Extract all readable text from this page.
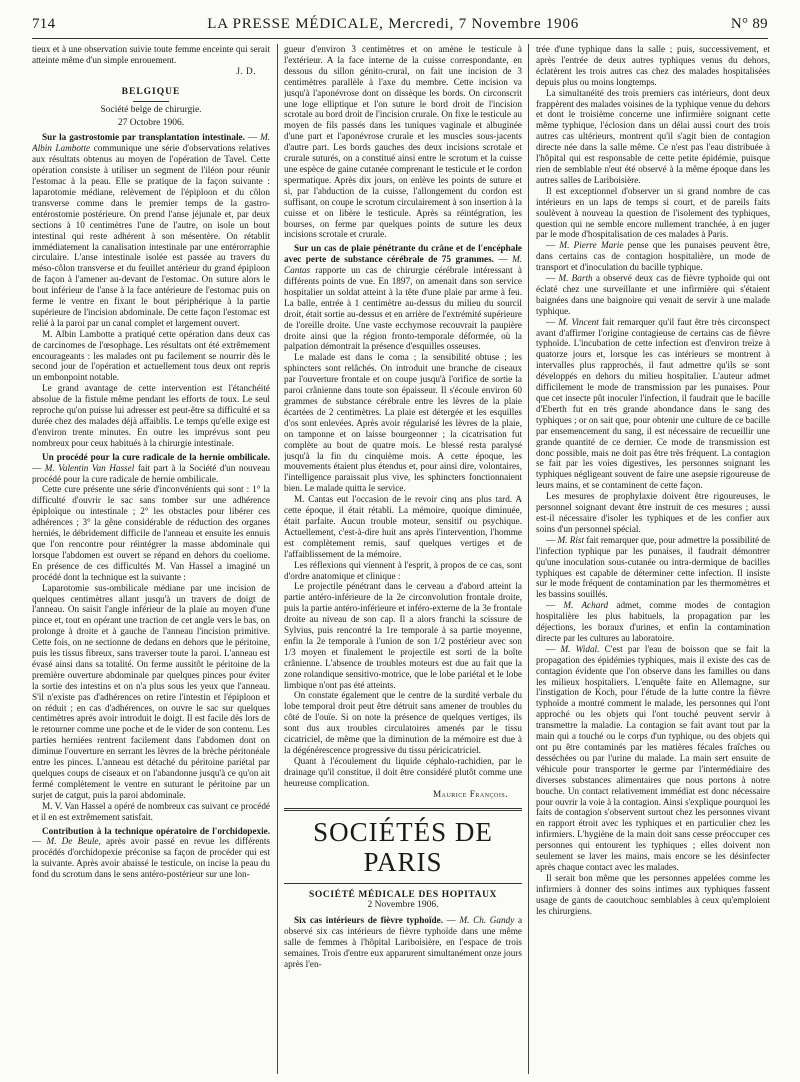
714	LA PRESSE MÉDICALE, Mercredi, 7 Novembre 1906	N° 89

tieux et à une observation suivie toute femme enceinte qui serait atteinte même d'un simple enrouement.

J. D.
BELGIQUE
Société belge de chirurgie.
27 Octobre 1906.

Sur la gastrostomie par transplantation intestinale. — M. Albin Lambotte communique une série d'observations relatives aux résultats obtenus au moyen de l'opération de Tavel. Cette opération consiste à utiliser un segment de l'iléon pour réunir l'estomac à la peau. Elle se pratique de la façon suivante : laparotomie médiane, relèvement de l'épiploon et du côlon transverse comme dans le premier temps de la gastro-entérostomie postérieure. On prend l'anse jéjunale et, par deux sections à 10 centimètres l'une de l'autre, on isole un bout intestinal qui reste adhérent à son mésentère. On rétablit immédiatement la canalisation intestinale par une entérorraphie circulaire. L'anse intestinale isolée est passée au travers du méso-côlon transverse et du feuillet antérieur du grand épiploon de façon à l'amener au-devant de l'estomac. On suture alors le bout inférieur de l'anse à la face antérieure de l'estomac puis on ferme le ventre en fixant le bout périphérique à la partie supérieure de l'incision abdominale. De cette façon l'estomac est relié à la paroi par un canal complet et largement ouvert.

M. Albin Lambotte a pratiqué cette opération dans deux cas de carcinomes de l'œsophage. Les résultats ont été extrêmement encourageants : les malades ont pu facilement se nourrir dès le second jour de l'opération et actuellement tous deux ont repris un embonpoint notable.

Le grand avantage de cette intervention est l'étanchéité absolue de la fistule même pendant les efforts de toux. Le seul reproche qu'on puisse lui adresser est peut-être sa difficulté et sa durée chez des malades déjà affaiblis. Le temps qu'elle exige est d'environ trente minutes. En outre les imprévus sont peu nombreux pour ceux habitués à la chirurgie intestinale.

Un procédé pour la cure radicale de la hernie ombilicale. — M. Valentin Van Hassel fait part à la Société d'un nouveau procédé pour la cure radicale de hernie ombilicale.

Cette cure présente une série d'inconvénients qui sont : 1° la difficulté d'ouvrir le sac sans tomber sur une adhérence épiploïque ou intestinale ; 2° les obstacles pour libérer ces adhérences ; 3° la gêne considérable de réduction des organes herniés, le débridement difficile de l'anneau et ensuite les ennuis que l'on rencontre pour réintégrer la masse abdominale qui lorsque l'abdomen est ouvert se répand en dehors du coeliome. En présence de ces difficultés M. Van Hassel a imaginé un procédé dont la technique est la suivante :

Laparotomie sus-ombilicale médiane par une incision de quelques centimètres allant jusqu'à un travers de doigt de l'anneau. On saisit l'angle inférieur de la plaie au moyen d'une pince et, tout en opérant une traction de cet angle vers le bas, on prolonge à droite et à gauche de l'anneau l'incision primitive. Cette fois, on ne sectionne de dedans en dehors que le péritoine, puis les tissus fibreux, sans traverser toute la paroi. L'anneau est évasé ainsi dans sa totalité. On ferme aussitôt le péritoine de la première ouverture abdominale par quelques pinces pour éviter la sortie des intestins et on n'a plus sous les yeux que l'anneau. S'il n'existe pas d'adhérences on retire l'intestin et l'épiploon et on réduit ; en cas d'adhérences, on ouvre le sac sur quelques centimètres après avoir introduit le doigt. Il est facile dès lors de le retourner comme une poche et de le vider de son contenu. Les parties herniées rentrent facilement dans l'abdomen dont on diminue l'ouverture en serrant les lèvres de la brèche péritonéale entre les pinces. L'anneau est détaché du péritoine pariétal par quelques coups de ciseaux et on l'abandonne jusqu'à ce qu'on ait fermé complètement le ventre en suturant le péritoine par un surjet de catgut, puis la paroi abdominale.

M. V. Van Hassel a opéré de nombreux cas suivant ce procédé et il en est extrêmement satisfait.

Contribution à la technique opératoire de l'orchidopexie. — M. De Beule, après avoir passé en revue les différents procédés d'orchidopexie préconise sa façon de procéder qui est la suivante. Après avoir abaissé le testicule, on incise la peau du fond du scrotum dans le sens antéro-postérieur sur une lon-

gueur d'environ 3 centimètres et on amène le testicule à l'extérieur. A la face interne de la cuisse correspondante, en dessous du sillon génito-crural, on fait une incision de 3 centimètres parallèle à l'axe du membre. Cette incision va jusqu'à l'aponévrose dont on dissèque les bords. On circonscrit une loge elliptique et l'on suture le bord droit de l'incision scrotale au bord droit de l'incision crurale. On fixe le testicule au moyen de fils passés dans les tuniques vaginale et albuginée d'une part et l'aponévrose crurale et les muscles sous-jacents d'autre part. Les bords gauches des deux incisions scrotale et crurale suturés, on a constitué ainsi entre le scrotum et la cuisse une espèce de gaine cutanée comprenant le testicule et le cordon spermatique. Après dix jours, on enlève les points de suture et si, par l'abduction de la cuisse, l'allongement du cordon est suffisant, on coupe le scrotum circulairement à son insertion à la cuisse et on libère le testicule. Après sa réintégration, les bourses, on ferme par quelques points de suture les deux incisions scrotale et crurale.

Sur un cas de plaie pénétrante du crâne et de l'encéphale avec perte de substance cérébrale de 75 grammes. — M. Cantas rapporte un cas de chirurgie cérébrale intéressant à différents points de vue. En 1897, on amenait dans son service hospitalier un soldat atteint à la tête d'une plaie par arme à feu. La balle, entrée à 1 centimètre au-dessus du milieu du sourcil droit, était sortie au-dessus et en arrière de l'extrémité supérieure de l'oreille droite. Une vaste ecchymose recouvrait la paupière droite ainsi que la région fronto-temporale déformée, où la palpation démontrait la présence d'esquilles osseuses.

Le malade est dans le coma ; la sensibilité obtuse ; les sphincters sont relâchés. On introduit une branche de ciseaux par l'ouverture frontale et on coupe jusqu'à l'orifice de sortie la paroi crânienne dans toute son épaisseur. Il s'écoule environ 60 grammes de substance cérébrale entre les lèvres de la plaie écartées de 2 centimètres. La plaie est détergée et les esquilles d'os sont enlevées. Après avoir régularisé les lèvres de la plaie, on tamponne et on laisse bourgeonner ; la cicatrisation fut complète au bout de quatre mois. Le blessé resta paralysé jusqu'à la fin du cinquième mois. A cette époque, les mouvements étaient plus étendus et, pour ainsi dire, volontaires, l'intelligence paraissait plus vive, les sphincters fonctionnaient bien. Le malade quitta le service.

M. Cantas eut l'occasion de le revoir cinq ans plus tard. A cette époque, il était rétabli. La mémoire, quoique diminuée, était parfaite. Aucun trouble moteur, sensitif ou psychique. Actuellement, c'est-à-dire huit ans après l'intervention, l'homme est complètement remis, sauf quelques vertiges et de l'affaiblissement de la mémoire.

Les réflexions qui viennent à l'esprit, à propos de ce cas, sont d'ordre anatomique et clinique :

Le projectile pénétrant dans le cerveau a d'abord atteint la partie antéro-inférieure de la 2e circonvolution frontale droite, puis la partie antéro-inférieure et inféro-externe de la 3e frontale droite au niveau de son cap. Il a alors franchi la scissure de Sylvius, puis rencontré la 1re temporale à sa partie moyenne, enfin la 2e temporale à l'union de son 1/2 postérieur avec son 1/3 moyen et finalement le projectile est sorti de la boîte crânienne. L'absence de troubles moteurs est due au fait que la zone rolandique sensitivo-motrice, que le lobe pariétal et le lobe limbique n'ont pas été atteints.

On constate également que le centre de la surdité verbale du lobe temporal droit peut être détruit sans amener de troubles du côté de l'ouïe. Si on note la présence de quelques vertiges, ils sont dus aux troubles circulatoires amenés par le tissu cicatriciel, de même que la diminution de la mémoire est due à la dégénérescence progressive du tissu péricicatriciel.

Quant à l'écoulement du liquide céphalo-rachidien, par le drainage qu'il constitue, il doit être considéré plutôt comme une heureuse complication.

Maurice François.
SOCIÉTÉS DE PARIS
SOCIÉTÉ MÉDICALE DES HOPITAUX
2 Novembre 1906.

Six cas intérieurs de fièvre typhoïde. — M. Ch. Gandy a observé six cas intérieurs de fièvre typhoïde dans une même salle de femmes à l'hôpital Lariboisière, en l'espace de trois semaines. Trois d'entre eux apparurent simultanément onze jours après l'en-

trée d'une typhique dans la salle ; puis, successivement, et après l'entrée de deux autres typhiques venus du dehors, éclatèrent les trois autres cas chez des malades hospitalisées depuis plus ou moins longtemps.

La simultanéité des trois premiers cas intérieurs, dont deux frappèrent des malades voisines de la typhique venue du dehors et dont le troisième concerne une infirmière soignant cette même typhique, l'éclosion dans un délai aussi court des trois autres cas ultérieurs, montrent qu'il s'agit bien de contagion directe née dans la salle même. Ce n'est pas l'eau distribuée à l'hôpital qui est responsable de cette petite épidémie, puisque rien de semblable n'eut été observé à la même époque dans les autres salles de Lariboisière.

Il est exceptionnel d'observer un si grand nombre de cas intérieurs en un laps de temps si court, et de pareils faits soulèvent à nouveau la question de l'isolement des typhiques, question qui ne semble encore nullement tranchée, à en juger par le mode d'hospitalisation de ces malades à Paris.

— M. Pierre Marie pense que les punaises peuvent être, dans certains cas de contagion hospitalière, un mode de transport et d'inoculation du bacille typhique.

— M. Barth a observé deux cas de fièvre typhoïde qui ont éclaté chez une surveillante et une infirmière qui s'étaient baignées dans une baignoire qui venait de servir à une malade typhique.

— M. Vincent fait remarquer qu'il faut être très circonspect avant d'affirmer l'origine contagieuse de certains cas de fièvre typhoïde. L'incubation de cette infection est d'environ treize à quatorze jours et, lorsque les cas intérieurs se montrent à intervalles plus rapprochés, il faut admettre qu'ils se sont développés en dehors du milieu hospitalier. L'auteur admet difficilement le mode de transmission par les punaises. Pour que cet insecte pût inoculer l'infection, il faudrait que le bacille d'Eberth fut en très grande abondance dans le sang des typhiques ; or on sait que, pour obtenir une culture de ce bacille par ensemencement du sang, il est nécessaire de recueillir une grande quantité de ce dernier. Ce mode de transmission est donc possible, mais ne doit pas être très fréquent. La contagion se fait par les voies digestives, les personnes soignant les typhiques négligeant souvent de faire une asepsie rigoureuse de leurs mains, et se contaminent de cette façon.

Les mesures de prophylaxie doivent être rigoureuses, le personnel soignant devant être instruit de ces mesures ; aussi est-il nécessaire d'isoler les typhiques et de les confier aux soins d'un personnel spécial.

— M. Rist fait remarquer que, pour admettre la possibilité de l'infection typhique par les punaises, il faudrait démontrer qu'une inoculation sous-cutanée ou intra-dermique de bacilles typhiques est capable de déterminer cette infection. Il insiste sur le mode fréquent de contamination par les thermomètres et les bassins souillés.

— M. Achard admet, comme modes de contagion hospitalière les plus habituels, la propagation par les déjections, les boraux d'urines, et enfin la contamination directe par les cultures au laboratoire.

— M. Widal. C'est par l'eau de boisson que se fait la propagation des épidémies typhiques, mais il existe des cas de contagion évidente que l'on observe dans les familles ou dans les milieux hospitaliers. L'enquête faite en Allemagne, sur l'instigation de Koch, pour l'étude de la lutte contre la fièvre typhoïde a montré comment le malade, les personnes qui l'ont approché ou les objets qui l'ont touché peuvent servir à transmettre la maladie. La contagion se fait avant tout par la main qui a touché ou le corps d'un typhique, ou des objets qui ont pu être contaminés par les matières fécales fraîches ou desséchées ou par l'urine du malade. La main sert ensuite de véhicule pour transporter le germe par l'intermédiaire des diverses substances alimentaires que nous portons à notre bouche. Un contact relativement immédiat est donc nécessaire pour ouvrir la voie à la contagion. Ainsi s'explique pourquoi les faits de contagion s'observent surtout chez les personnes vivant en rapport étroit avec les typhiques et en particulier chez les infirmiers. L'hygiène de la main doit sans cesse préoccuper ces personnes qui entourent les typhiques ; elles doivent non seulement se laver les mains, mais encore se les désinfecter après chaque contact avec les malades.

Il serait bon même que les personnes appelées comme les infirmiers à donner des soins intimes aux typhiques fassent usage de gants de caoutchouc semblables à ceux qu'emploient les chirurgiens.
